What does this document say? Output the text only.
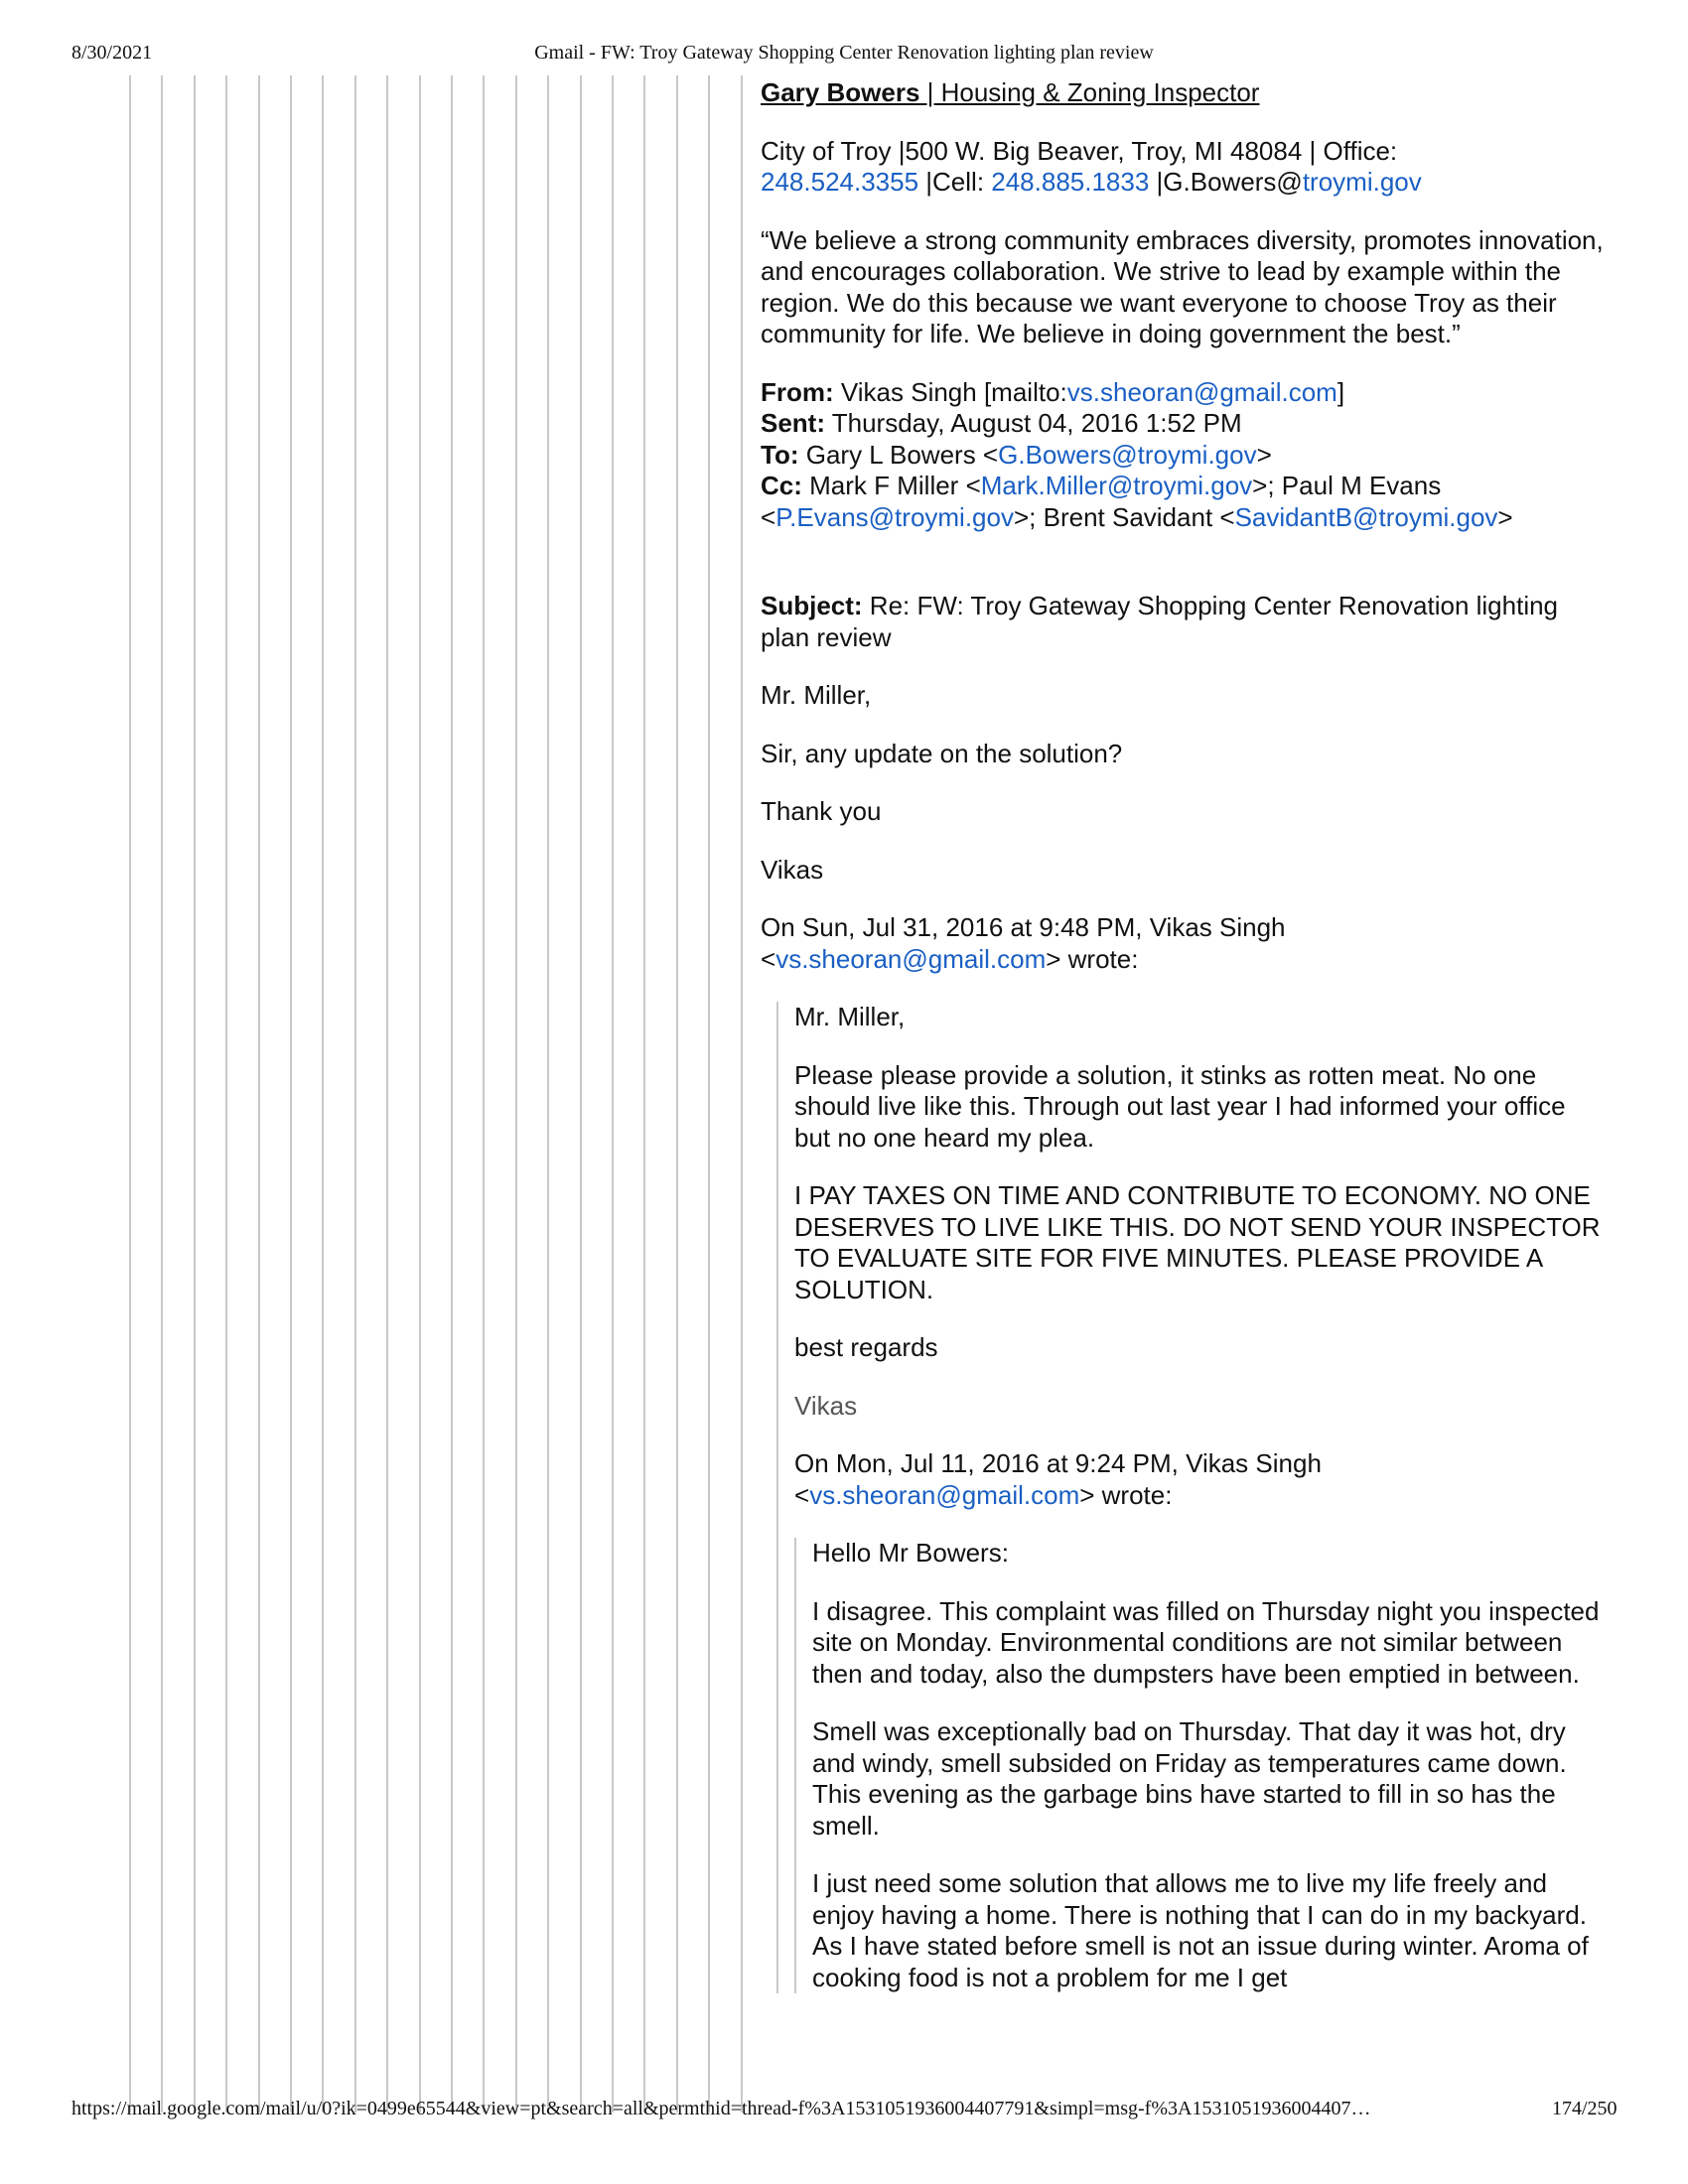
8/30/2021	Gmail - FW: Troy Gateway Shopping Center Renovation lighting plan review

Gary Bowers | Housing & Zoning Inspector

City of Troy |500 W. Big Beaver, Troy, MI 48084 | Office:
248.524.3355 |Cell: 248.885.1833 |G.Bowers@troymi.gov

“We believe a strong community embraces diversity, promotes innovation, and encourages collaboration. We strive to lead by example within the region. We do this because we want everyone to choose Troy as their community for life. We believe in doing government the best.”

From: Vikas Singh [mailto:vs.sheoran@gmail.com]
Sent: Thursday, August 04, 2016 1:52 PM
To: Gary L Bowers <G.Bowers@troymi.gov>
Cc: Mark F Miller <Mark.Miller@troymi.gov>; Paul M Evans
<P.Evans@troymi.gov>; Brent Savidant <SavidantB@troymi.gov>
Subject: Re: FW: Troy Gateway Shopping Center Renovation lighting plan review

Mr. Miller,

Sir, any update on the solution?

Thank you

Vikas

On Sun, Jul 31, 2016 at 9:48 PM, Vikas Singh
<vs.sheoran@gmail.com> wrote:

Mr. Miller,

Please please provide a solution, it stinks as rotten meat. No one should live like this. Through out last year I had informed your office but no one heard my plea.

I PAY TAXES ON TIME AND CONTRIBUTE TO ECONOMY. NO ONE DESERVES TO LIVE LIKE THIS. DO NOT SEND YOUR INSPECTOR TO EVALUATE SITE FOR FIVE MINUTES. PLEASE PROVIDE A SOLUTION.

best regards

Vikas

On Mon, Jul 11, 2016 at 9:24 PM, Vikas Singh
<vs.sheoran@gmail.com> wrote:

Hello Mr Bowers:

I disagree. This complaint was filled on Thursday night you inspected site on Monday. Environmental conditions are not similar between then and today, also the dumpsters have been emptied in between.

Smell was exceptionally bad on Thursday. That day it was hot, dry and windy, smell subsided on Friday as temperatures came down. This evening as the garbage bins have started to fill in so has the smell.

I just need some solution that allows me to live my life freely and enjoy having a home. There is nothing that I can do in my backyard. As I have stated before smell is not an issue during winter. Aroma of cooking food is not a problem for me I get

https://mail.google.com/mail/u/0?ik=0499e65544&view=pt&search=all&permthid=thread-f%3A1531051936004407791&simpl=msg-f%3A1531051936004407…	174/250
